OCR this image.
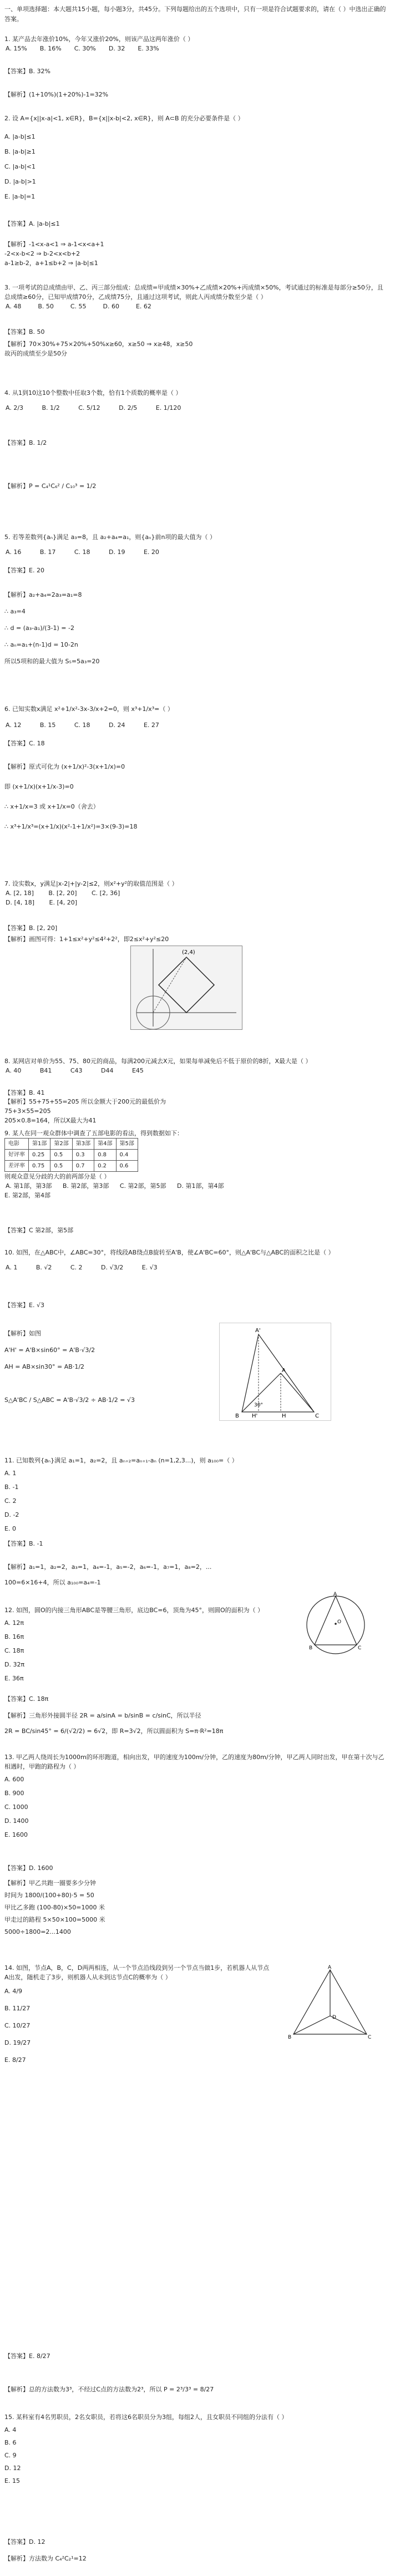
一、单项选择题：本大题共15小题，每小题3分，共45分。下列每题给出的五个选项中，只有一项是符合试题要求的，请在（ ）中选出正确的答案。
1. 某产品去年涨价10%，今年又涨价20%，则该产品这两年涨价（ ）
A. 15% B. 16% C. 30% D. 32 E. 33%
【答案】B. 32%
【解析】(1+10%)(1+20%)-1=32%
2. 设 A={x||x-a|<1, x∈R}，B={x||x-b|<2, x∈R}，则 A⊂B 的充分必要条件是（ ）
A. |a-b|≤1
B. |a-b|≥1
C. |a-b|<1
D. |a-b|>1
E. |a-b|=1
【答案】A. |a-b|≤1
【解析】-1<x-a<1 ⇒ a-1<x<a+1
-2<x-b<2 ⇒ b-2<x<b+2
a-1≥b-2，a+1≤b+2 ⇒ |a-b|≤1
3. 一项考试的总成绩由甲、乙、丙三部分组成：总成绩=甲成绩×30%+乙成绩×20%+丙成绩×50%，考试通过的标准是每部分≥50分，且总成绩≥60分，已知甲成绩70分，乙成绩75分，且通过这项考试，则此人丙成绩分数至少是（ ）
A. 48	B. 50	C. 55	D. 60	E. 62
【答案】B. 50
【解析】70×30%+75×20%+50%x≥60，x≥50 ⇒ x≥48，x≥50
故丙的成绩至少是50分
4. 从1到10这10个整数中任取3个数，恰有1个质数的概率是（ ）
A. 2/3	B. 1/2	C. 5/12	D. 2/5	E. 1/120
【答案】B. 1/2
【解析】P = C₄¹C₆² / C₁₀³ = 1/2
5. 若等差数列{aₙ}满足 a₃=8，且 a₂+a₄=a₁，则{aₙ}前n项的最大值为（ ）
A. 16	B. 17	C. 18	D. 19	E. 20
【答案】E. 20
【解析】a₂+a₄=2a₃=a₁=8
∴ a₃=4
∴ d = (a₃-a₁)/(3-1) = -2
∴ aₙ=a₁+(n-1)d = 10-2n
所以5项和的最大值为 S₅=5a₃=20
6. 已知实数x满足 x²+1/x²-3x-3/x+2=0，则 x³+1/x³=（ ）
A. 12	B. 15	C. 18	D. 24	E. 27
【答案】C. 18
【解析】原式可化为 (x+1/x)²-3(x+1/x)=0
即 (x+1/x)(x+1/x-3)=0
∴ x+1/x=3 或 x+1/x=0（舍去）
∴ x³+1/x³=(x+1/x)(x²-1+1/x²)=3×(9-3)=18
7. 设实数x，y满足|x-2|+|y-2|≤2，则x²+y²的取值范围是（ ）
A. [2, 18] B. [2, 20] C. [2, 36]
D. [4, 18] E. [4, 20]
【答案】B. [2, 20]
【解析】画图可得：1+1≤x²+y²≤4²+2²，即2≤x²+y²≤20
(2,4)
8. 某网店对单价为55、75、80元的商品，每满200元减去X元，如果每单减免后不低于原价的8折，X最大是（ ）
A. 40	B41	C43	D44	E45
【答案】B. 41
【解析】55+75+55=205 所以金额大于200元的最低价为
75+3×55=205
205×0.8=164，所以X最大为41
9. 某人在同一观众群体中调查了五部电影的看法，得到数据如下：
电影	第1部	第2部	第3部	第4部	第5部
好评率	0.25	0.5	0.3	0.8	0.4
差评率	0.75	0.5	0.7	0.2	0.6
则观众意见分歧的大的前两部分是（ ）
A. 第1部，第3部 B. 第2部，第3部 C. 第2部，第5部 D. 第1部，第4部
E. 第2部，第4部
【答案】C 第2部，第5部
10. 如图，在△ABC中，∠ABC=30°，将线段AB绕点B旋转至A'B，使∠A'BC=60°，则△A'BC与△ABC的面积之比是（ ）
A. 1	B. √2	C. 2	D. √3/2	E. √3
【答案】E. √3
【解析】如图
A'H' = A'B×sin60° = A'B·√3/2
AH = AB×sin30° = AB·1/2
S△A'BC / S△ABC = A'B·√3/2 ÷ AB·1/2 = √3
A'
A
B	C
H
H'
30°
11. 已知数列{aₙ}满足 a₁=1，a₂=2，且 aₙ₊₂=aₙ₊₁-aₙ (n=1,2,3...)，则 a₁₀₀=（ ）
A. 1
B. -1
C. 2
D. -2
E. 0
【答案】B. -1
【解析】a₁=1，a₂=2，a₃=1，a₄=-1，a₅=-2，a₆=-1，a₇=1，a₈=2，...
100=6×16+4，所以 a₁₀₀=a₄=-1
12. 如图，圆O的内接三角形ABC是等腰三角形，底边BC=6，顶角为45°，则圆O的面积为（ ）
A. 12π
B. 16π
C. 18π
D. 32π
E. 36π
A
O
B	C
【答案】C. 18π
【解析】三角形外接圆半径 2R = a/sinA = b/sinB = c/sinC，所以半径
2R = BC/sin45° = 6/(√2/2) = 6√2，即 R=3√2，所以圆面积为 S=π·R²=18π
13. 甲乙两人绕周长为1000m的环形跑道，相向出发，甲的速度为100m/分钟，乙的速度为80m/分钟，甲乙两人同时出发，甲在第十次与乙相遇时，甲跑的路程为（ ）
A. 600
B. 900
C. 1000
D. 1400
E. 1600
【答案】D. 1600
【解析】甲乙共跑一圈要多少分钟
时间为 1800/(100+80)·5 = 50
甲比乙多跑 (100-80)×50=1000 米
甲走过的路程 5×50×100=5000 米
5000÷1800=2...1400
14. 如图，节点A，B，C，D两两相连，从一个节点沿线段到另一个节点当做1步，若机器人从节点A出发，随机走了3步，则机器人从未到达节点C的概率为（ ）
A. 4/9
B. 11/27
C. 10/27
D. 19/27
E. 8/27
A
B	C
D
【答案】E. 8/27
【解析】总的方法数为3³，不经过C点的方法数为2³，所以 P = 2³/3³ = 8/27
15. 某科室有4名男职员，2名女职员，若将这6名职员分为3组，每组2人，且女职员不同组的分法有（ ）
A. 4
B. 6
C. 9
D. 12
E. 15
【答案】D. 12
【解析】方法数为 C₄²C₂¹=12
